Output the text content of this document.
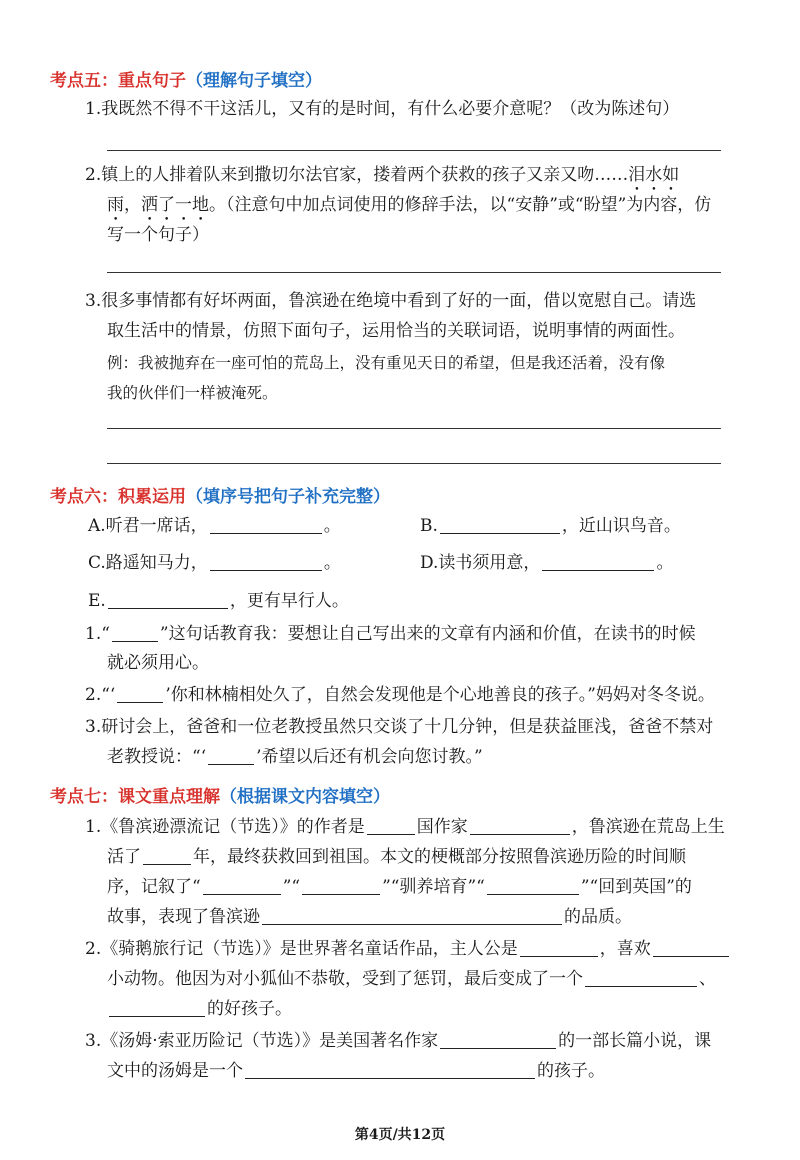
考点五：重点句子（理解句子填空）
1.我既然不得不干这活儿，又有的是时间，有什么必要介意呢？（改为陈述句）
2.镇上的人排着队来到撒切尔法官家，搂着两个获救的孩子又亲又吻……泪水如
雨，洒了一地。（注意句中加点词使用的修辞手法，以“安静”或“盼望”为内容，仿
写一个句子）
3.很多事情都有好坏两面，鲁滨逊在绝境中看到了好的一面，借以宽慰自己。请选
取生活中的情景，仿照下面句子，运用恰当的关联词语，说明事情的两面性。
例：我被抛弃在一座可怕的荒岛上，没有重见天日的希望，但是我还活着，没有像
我的伙伴们一样被淹死。
考点六：积累运用（填序号把句子补充完整）
A.听君一席话，	。	B.	，近山识鸟音。
C.路遥知马力，	。	D.读书须用意，	。
E.	，更有早行人。
1.“	”这句话教育我：要想让自己写出来的文章有内涵和价值，在读书的时候
就必须用心。
2.“‘	’你和林楠相处久了，自然会发现他是个心地善良的孩子。”妈妈对冬冬说。
3.研讨会上，爸爸和一位老教授虽然只交谈了十几分钟，但是获益匪浅，爸爸不禁对
老教授说：“‘	’希望以后还有机会向您讨教。”
考点七：课文重点理解（根据课文内容填空）
1.《鲁滨逊漂流记（节选）》的作者是	国作家	，鲁滨逊在荒岛上生
活了	年，最终获救回到祖国。本文的梗概部分按照鲁滨逊历险的时间顺
序，记叙了“	”“	”“驯养培育”“	”“回到英国”的
故事，表现了鲁滨逊	的品质。
2.《骑鹅旅行记（节选）》是世界著名童话作品，主人公是	，喜欢
小动物。他因为对小狐仙不恭敬，受到了惩罚，最后变成了一个	、
的好孩子。
3.《汤姆·索亚历险记（节选）》是美国著名作家	的一部长篇小说，课
文中的汤姆是一个	的孩子。
第4页/共12页
